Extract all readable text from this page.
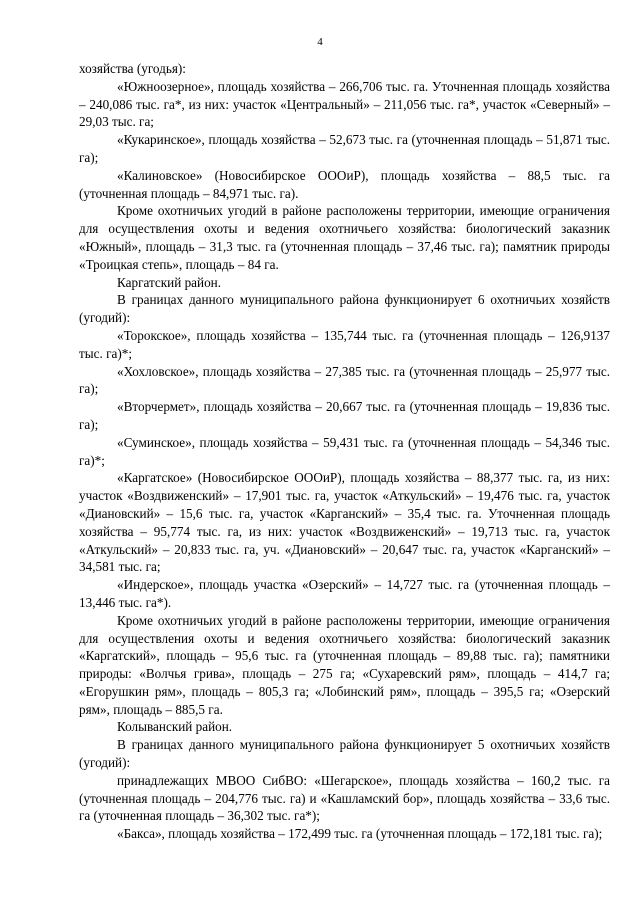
4

хозяйства (угодья):

«Южноозерное», площадь хозяйства – 266,706 тыс. га. Уточненная площадь хозяйства – 240,086 тыс. га*, из них: участок «Центральный» – 211,056 тыс. га*, участок «Северный» – 29,03 тыс. га;

«Кукаринское», площадь хозяйства – 52,673 тыс. га (уточненная площадь – 51,871 тыс. га);

«Калиновское» (Новосибирское ОООиР), площадь хозяйства – 88,5 тыс. га (уточненная площадь – 84,971 тыс. га).

Кроме охотничьих угодий в районе расположены территории, имеющие ограничения для осуществления охоты и ведения охотничьего хозяйства: биологический заказник «Южный», площадь – 31,3 тыс. га (уточненная площадь – 37,46 тыс. га); памятник природы «Троицкая степь», площадь – 84 га.

Каргатский район.

В границах данного муниципального района функционирует 6 охотничьих хозяйств (угодий):

«Торокское», площадь хозяйства – 135,744 тыс. га (уточненная площадь – 126,9137 тыс. га)*;

«Хохловское», площадь хозяйства – 27,385 тыс. га (уточненная площадь – 25,977 тыс. га);

«Вторчермет», площадь хозяйства – 20,667 тыс. га (уточненная площадь – 19,836 тыс. га);

«Суминское», площадь хозяйства – 59,431 тыс. га (уточненная площадь – 54,346 тыс. га)*;

«Каргатское» (Новосибирское ОООиР), площадь хозяйства – 88,377 тыс. га, из них: участок «Воздвиженский» – 17,901 тыс. га, участок «Аткульский» – 19,476 тыс. га, участок «Диановский» – 15,6 тыс. га, участок «Карганский» – 35,4 тыс. га. Уточненная площадь хозяйства – 95,774 тыс. га, из них: участок «Воздвиженский» – 19,713 тыс. га, участок «Аткульский» – 20,833 тыс. га, уч. «Диановский» – 20,647 тыс. га, участок «Карганский» – 34,581 тыс. га;

«Индерское», площадь участка «Озерский» – 14,727 тыс. га (уточненная площадь – 13,446 тыс. га*).

Кроме охотничьих угодий в районе расположены территории, имеющие ограничения для осуществления охоты и ведения охотничьего хозяйства: биологический заказник «Каргатский», площадь – 95,6 тыс. га (уточненная площадь – 89,88 тыс. га); памятники природы: «Волчья грива», площадь – 275 га; «Сухаревский рям», площадь – 414,7 га; «Егорушкин рям», площадь – 805,3 га; «Лобинский рям», площадь – 395,5 га; «Озерский рям», площадь – 885,5 га.

Колыванский район.

В границах данного муниципального района функционирует 5 охотничьих хозяйств (угодий):

принадлежащих МВОО СибВО: «Шегарское», площадь хозяйства – 160,2 тыс. га (уточненная площадь – 204,776 тыс. га) и «Кашламский бор», площадь хозяйства – 33,6 тыс. га (уточненная площадь – 36,302 тыс. га*);

«Бакса», площадь хозяйства – 172,499 тыс. га (уточненная площадь – 172,181 тыс. га);
